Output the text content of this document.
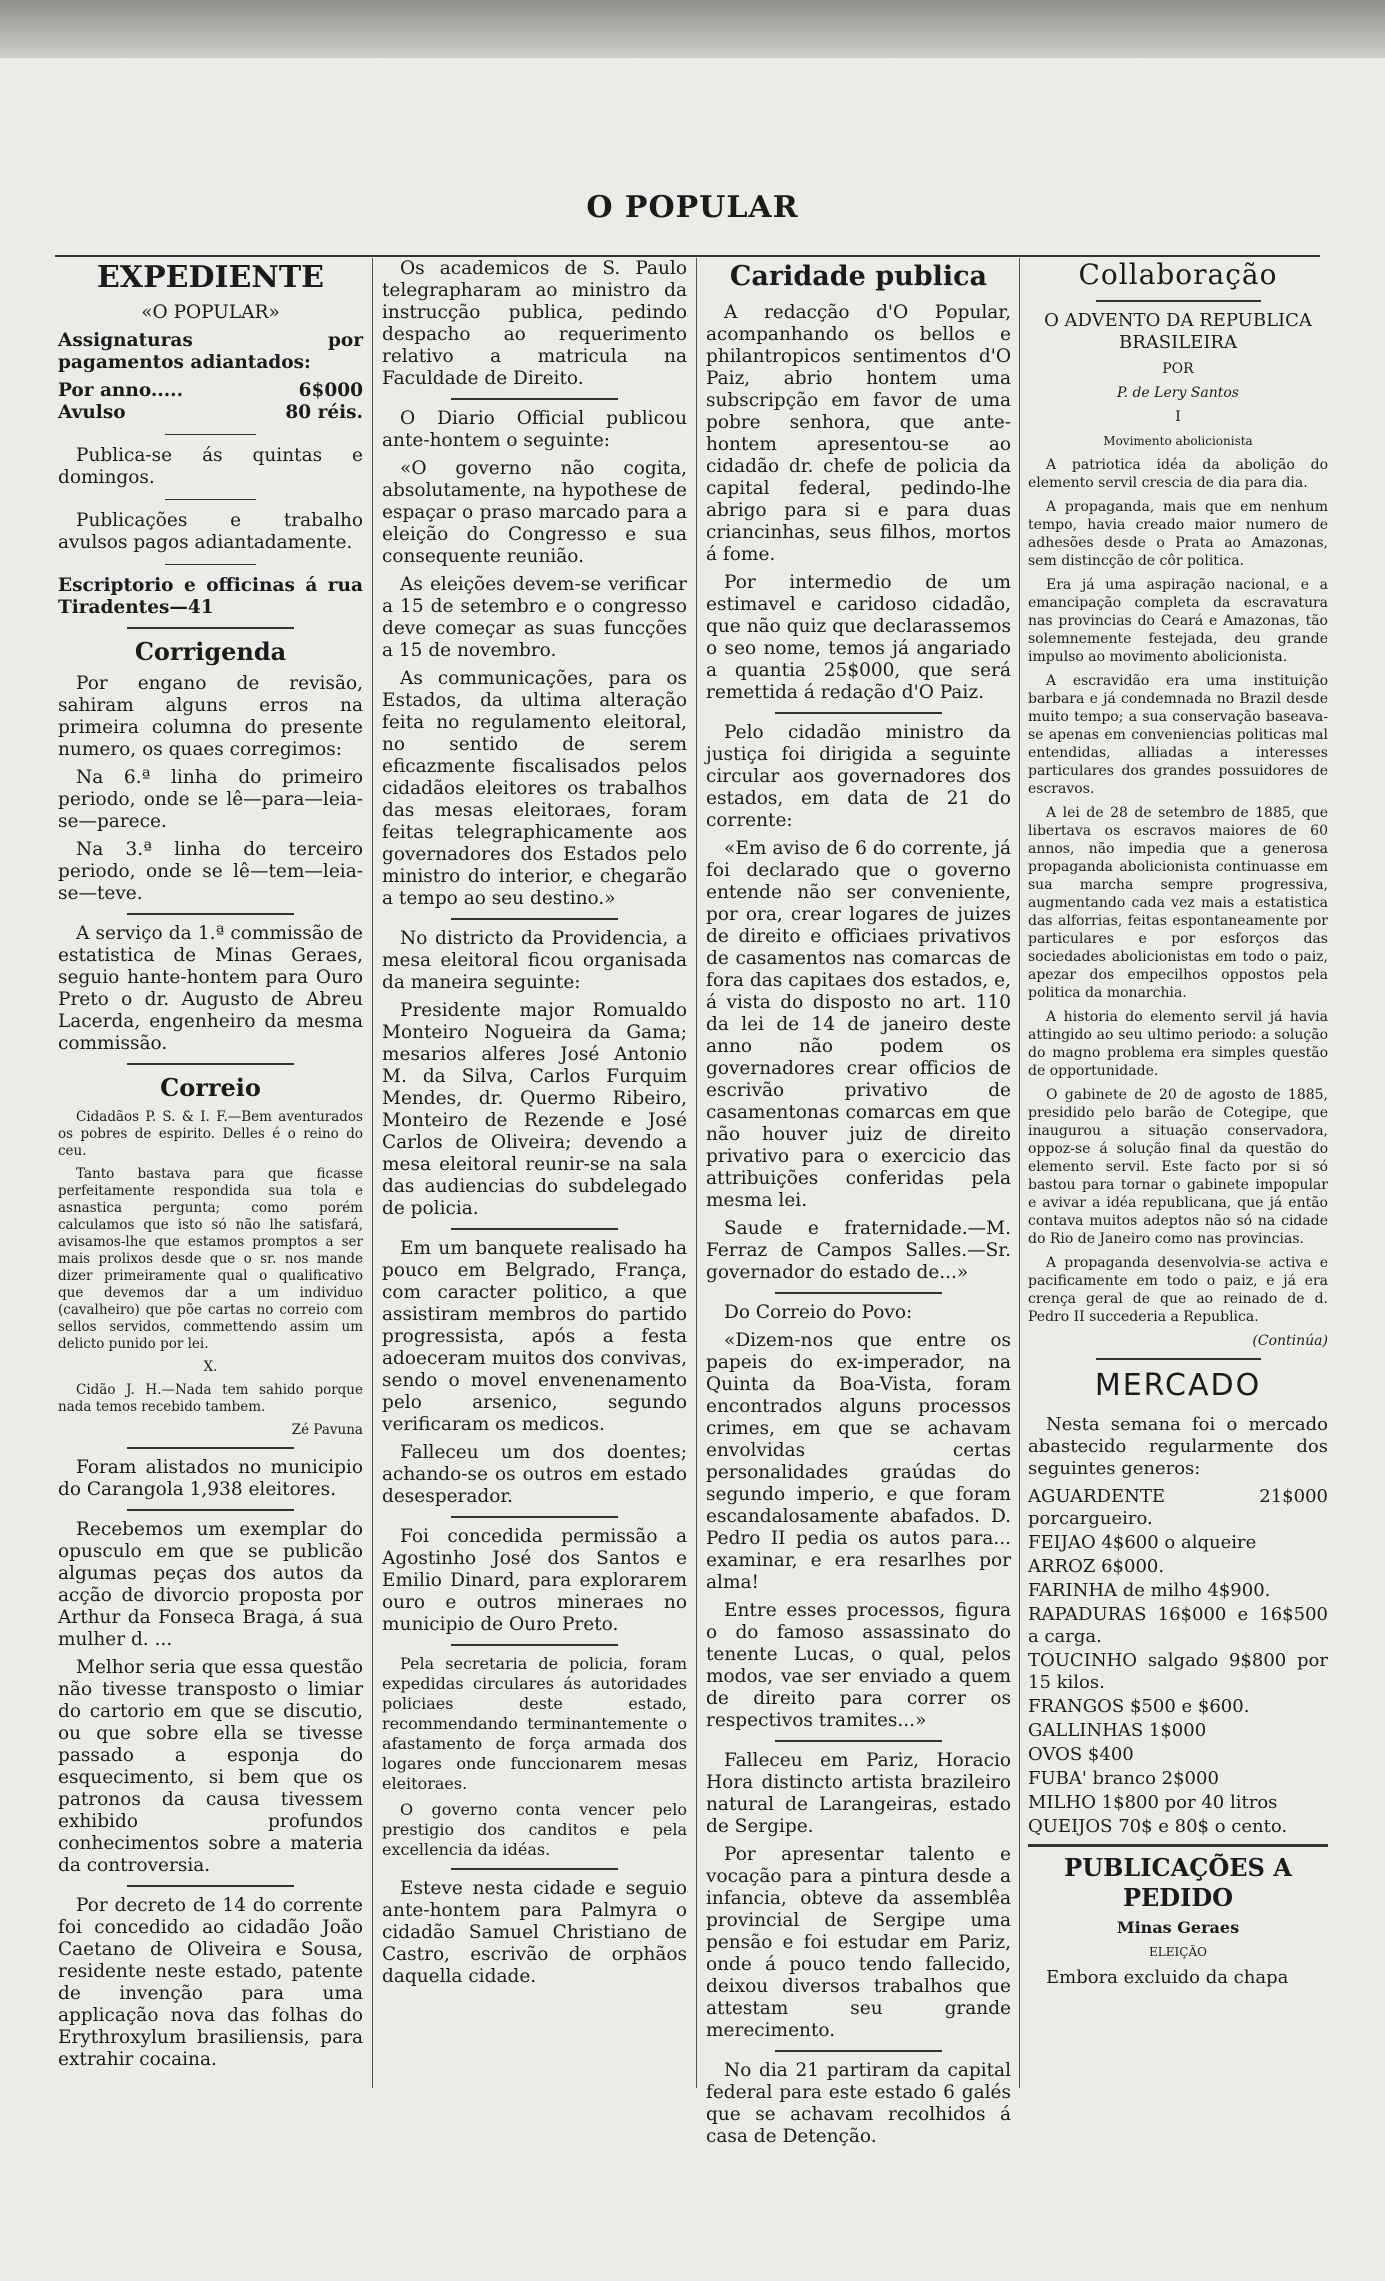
O POPULAR
EXPEDIENTE

«O POPULAR»

Assignaturas por pagamentos adiantados:

Por anno.....	6$000
Avulso	80 réis.

Publica-se ás quintas e domingos.

Publicações e trabalho avulsos pagos adiantadamente.

Escriptorio e officinas á rua Tiradentes—41

Corrigenda

Por engano de revisão, sahiram alguns erros na primeira columna do presente numero, os quaes corregimos:

Na 6.ª linha do primeiro periodo, onde se lê—para—leia-se—parece.

Na 3.ª linha do terceiro periodo, onde se lê—tem—leia-se—teve.

A serviço da 1.ª commissão de estatistica de Minas Geraes, seguio hante-hontem para Ouro Preto o dr. Augusto de Abreu Lacerda, engenheiro da mesma commissão.

Correio

Cidadãos P. S. & I. F.—Bem aventurados os pobres de espirito. Delles é o reino do ceu.

Tanto bastava para que ficasse perfeitamente respondida sua tola e asnastica pergunta; como porém calculamos que isto só não lhe satisfará, avisamos-lhe que estamos promptos a ser mais prolixos desde que o sr. nos mande dizer primeiramente qual o qualificativo que devemos dar a um individuo (cavalheiro) que põe cartas no correio com sellos servidos, commettendo assim um delicto punido por lei.

X.

Cidão J. H.—Nada tem sahido porque nada temos recebido tambem.

Zé Pavuna

Foram alistados no municipio do Carangola 1,938 eleitores.

Recebemos um exemplar do opusculo em que se publicão algumas peças dos autos da acção de divorcio proposta por Arthur da Fonseca Braga, á sua mulher d. ...

Melhor seria que essa questão não tivesse transposto o limiar do cartorio em que se discutio, ou que sobre ella se tivesse passado a esponja do esquecimento, si bem que os patronos da causa tivessem exhibido profundos conhecimentos sobre a materia da controversia.

Por decreto de 14 do corrente foi concedido ao cidadão João Caetano de Oliveira e Sousa, residente neste estado, patente de invenção para uma applicação nova das folhas do Erythroxylum brasiliensis, para extrahir cocaina.

Os academicos de S. Paulo telegrapharam ao ministro da instrucção publica, pedindo despacho ao requerimento relativo a matricula na Faculdade de Direito.

O Diario Official publicou ante-hontem o seguinte:

«O governo não cogita, absolutamente, na hypothese de espaçar o praso marcado para a eleição do Congresso e sua consequente reunião.

As eleições devem-se verificar a 15 de setembro e o congresso deve começar as suas funcções a 15 de novembro.

As communicações, para os Estados, da ultima alteração feita no regulamento eleitoral, no sentido de serem eficazmente fiscalisados pelos cidadãos eleitores os trabalhos das mesas eleitoraes, foram feitas telegraphicamente aos governadores dos Estados pelo ministro do interior, e chegarão a tempo ao seu destino.»

No districto da Providencia, a mesa eleitoral ficou organisada da maneira seguinte:

Presidente major Romualdo Monteiro Nogueira da Gama; mesarios alferes José Antonio M. da Silva, Carlos Furquim Mendes, dr. Quermo Ribeiro, Monteiro de Rezende e José Carlos de Oliveira; devendo a mesa eleitoral reunir-se na sala das audiencias do subdelegado de policia.

Em um banquete realisado ha pouco em Belgrado, França, com caracter politico, a que assistiram membros do partido progressista, após a festa adoeceram muitos dos convivas, sendo o movel envenenamento pelo arsenico, segundo verificaram os medicos.

Falleceu um dos doentes; achando-se os outros em estado desesperador.

Foi concedida permissão a Agostinho José dos Santos e Emilio Dinard, para explorarem ouro e outros mineraes no municipio de Ouro Preto.

Pela secretaria de policia, foram expedidas circulares ás autoridades policiaes deste estado, recommendando terminantemente o afastamento de força armada dos logares onde funccionarem mesas eleitoraes.

O governo conta vencer pelo prestigio dos canditos e pela excellencia da idéas.

Esteve nesta cidade e seguio ante-hontem para Palmyra o cidadão Samuel Christiano de Castro, escrivão de orphãos daquella cidade.

Caridade publica

A redacção d'O Popular, acompanhando os bellos e philantropicos sentimentos d'O Paiz, abrio hontem uma subscripção em favor de uma pobre senhora, que ante-hontem apresentou-se ao cidadão dr. chefe de policia da capital federal, pedindo-lhe abrigo para si e para duas criancinhas, seus filhos, mortos á fome.

Por intermedio de um estimavel e caridoso cidadão, que não quiz que declarassemos o seo nome, temos já angariado a quantia 25$000, que será remettida á redação d'O Paiz.

Pelo cidadão ministro da justiça foi dirigida a seguinte circular aos governadores dos estados, em data de 21 do corrente:

«Em aviso de 6 do corrente, já foi declarado que o governo entende não ser conveniente, por ora, crear logares de juizes de direito e officiaes privativos de casamentos nas comarcas de fora das capitaes dos estados, e, á vista do disposto no art. 110 da lei de 14 de janeiro deste anno não podem os governadores crear officios de escrivão privativo de casamentonas comarcas em que não houver juiz de direito privativo para o exercicio das attribuições conferidas pela mesma lei.

Saude e fraternidade.—M. Ferraz de Campos Salles.—Sr. governador do estado de...»

Do Correio do Povo:

«Dizem-nos que entre os papeis do ex-imperador, na Quinta da Boa-Vista, foram encontrados alguns processos crimes, em que se achavam envolvidas certas personalidades graúdas do segundo imperio, e que foram escandalosamente abafados. D. Pedro II pedia os autos para... examinar, e era resarlhes por alma!

Entre esses processos, figura o do famoso assassinato do tenente Lucas, o qual, pelos modos, vae ser enviado a quem de direito para correr os respectivos tramites...»

Falleceu em Pariz, Horacio Hora distincto artista brazileiro natural de Larangeiras, estado de Sergipe.

Por apresentar talento e vocação para a pintura desde a infancia, obteve da assemblêa provincial de Sergipe uma pensão e foi estudar em Pariz, onde á pouco tendo fallecido, deixou diversos trabalhos que attestam seu grande merecimento.

No dia 21 partiram da capital federal para este estado 6 galés que se achavam recolhidos á casa de Detenção.

Collaboração

O ADVENTO DA REPUBLICA BRASILEIRA

POR

P. de Lery Santos

I

Movimento abolicionista

A patriotica idéa da abolição do elemento servil crescia de dia para dia.

A propaganda, mais que em nenhum tempo, havia creado maior numero de adhesões desde o Prata ao Amazonas, sem distincção de côr politica.

Era já uma aspiração nacional, e a emancipação completa da escravatura nas provincias do Ceará e Amazonas, tão solemnemente festejada, deu grande impulso ao movimento abolicionista.

A escravidão era uma instituição barbara e já condemnada no Brazil desde muito tempo; a sua conservação baseava-se apenas em conveniencias politicas mal entendidas, alliadas a interesses particulares dos grandes possuidores de escravos.

A lei de 28 de setembro de 1885, que libertava os escravos maiores de 60 annos, não impedia que a generosa propaganda abolicionista continuasse em sua marcha sempre progressiva, augmentando cada vez mais a estatistica das alforrias, feitas espontaneamente por particulares e por esforços das sociedades abolicionistas em todo o paiz, apezar dos empecilhos oppostos pela politica da monarchia.

A historia do elemento servil já havia attingido ao seu ultimo periodo: a solução do magno problema era simples questão de opportunidade.

O gabinete de 20 de agosto de 1885, presidido pelo barão de Cotegipe, que inaugurou a situação conservadora, oppoz-se á solução final da questão do elemento servil. Este facto por si só bastou para tornar o gabinete impopular e avivar a idéa republicana, que já então contava muitos adeptos não só na cidade do Rio de Janeiro como nas provincias.

A propaganda desenvolvia-se activa e pacificamente em todo o paiz, e já era crença geral de que ao reinado de d. Pedro II succederia a Republica.

(Continúa)

MERCADO

Nesta semana foi o mercado abastecido regularmente dos seguintes generos:

AGUARDENTE 21$000 porcargueiro.

FEIJAO 4$600 o alqueire

ARROZ 6$000.

FARINHA de milho 4$900.

RAPADURAS 16$000 e 16$500 a carga.

TOUCINHO salgado 9$800 por 15 kilos.

FRANGOS $500 e $600.

GALLINHAS 1$000

OVOS $400

FUBA' branco 2$000

MILHO 1$800 por 40 litros

QUEIJOS 70$ e 80$ o cento.

PUBLICAÇÕES A PEDIDO

Minas Geraes

ELEIÇÃO

Embora excluido da chapa
